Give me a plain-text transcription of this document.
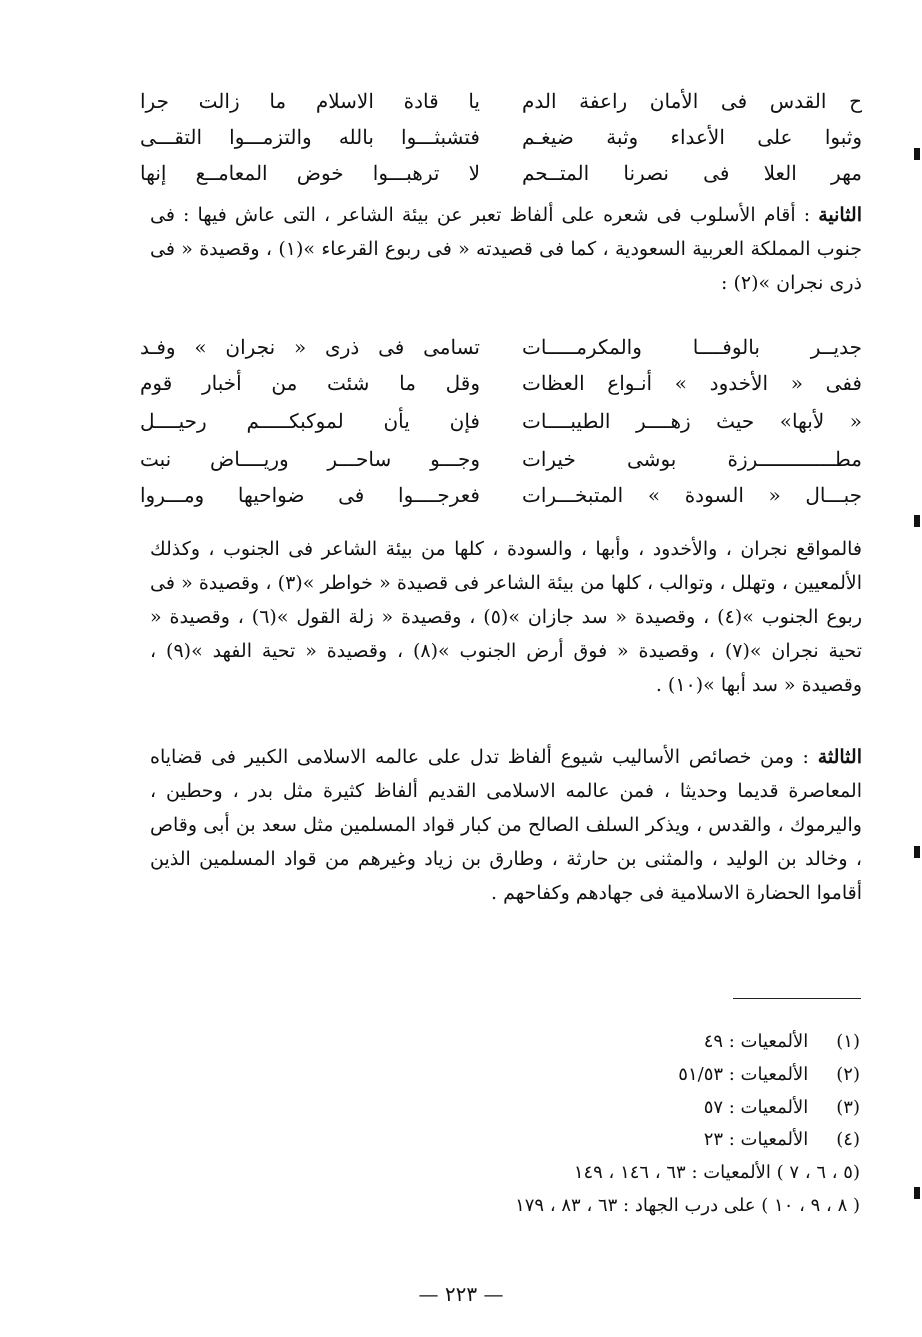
يا قادة الاسلام ما زالت جرا ح القدس فى الأمان راعفة الدم
فتشبثـــوا بالله والتزمـــوا التقـــى وثبوا على الأعداء وثبة ضيغـم
لا ترهبـــوا خوض المعامــع إنها مهر العلا فى نصرنا المتــحم
الثانية : أقام الأسلوب فى شعره على ألفاظ تعبر عن بيئة الشاعر ، التى عاش فيها : فى جنوب المملكة العربية السعودية ، كما فى قصيدته « فى ربوع القرعاء »(١) ، وقصيدة « فى ذرى نجران »(٢) :
تسامى فى ذرى « نجران » وفـد جديــر بالوفــــا والمكرمـــــات
وقل ما شئت من أخبار قوم ففى « الأخدود » أنـواع العظات
فإن يأن لموكبكـــــم رحيــــل « لأبها» حيث زهــــر الطيبــــات
وجـــو ساحـــر وريــــاض نبت مطـــــــــــــرزة بوشى خيرات
فعرجــــوا فى ضواحيها ومـــروا جبـــال « السودة » المتبخـــرات
فالمواقع نجران ، والأخدود ، وأبها ، والسودة ، كلها من بيئة الشاعر فى الجنوب ، وكذلك الألمعيين ، وتهلل ، وتوالب ، كلها من بيئة الشاعر فى قصيدة « خواطر »(٣) ، وقصيدة « فى ربوع الجنوب »(٤) ، وقصيدة « سد جازان »(٥) ، وقصيدة « زلة القول »(٦) ، وقصيدة « تحية نجران »(٧) ، وقصيدة « فوق أرض الجنوب »(٨) ، وقصيدة « تحية الفهد »(٩) ، وقصيدة « سد أبها »(١٠) .
الثالثة : ومن خصائص الأساليب شيوع ألفاظ تدل على عالمه الاسلامى الكبير فى قضاياه المعاصرة قديما وحديثا ، فمن عالمه الاسلامى القديم ألفاظ كثيرة مثل بدر ، وحطين ، واليرموك ، والقدس ، ويذكر السلف الصالح من كبار قواد المسلمين مثل سعد بن أبى وقاص ، وخالد بن الوليد ، والمثنى بن حارثة ، وطارق بن زياد وغيرهم من قواد المسلمين الذين أقاموا الحضارة الاسلامية فى جهادهم وكفاحهم .
(١) الألمعيات : ٤٩
(٢) الألمعيات : ٥١/٥٣
(٣) الألمعيات : ٥٧
(٤) الألمعيات : ٢٣
(٥ ، ٦ ، ٧ ) الألمعيات : ٦٣ ، ١٤٦ ، ١٤٩
( ٨ ، ٩ ، ١٠ ) على درب الجهاد : ٦٣ ، ٨٣ ، ١٧٩
— ٢٢٣ —
